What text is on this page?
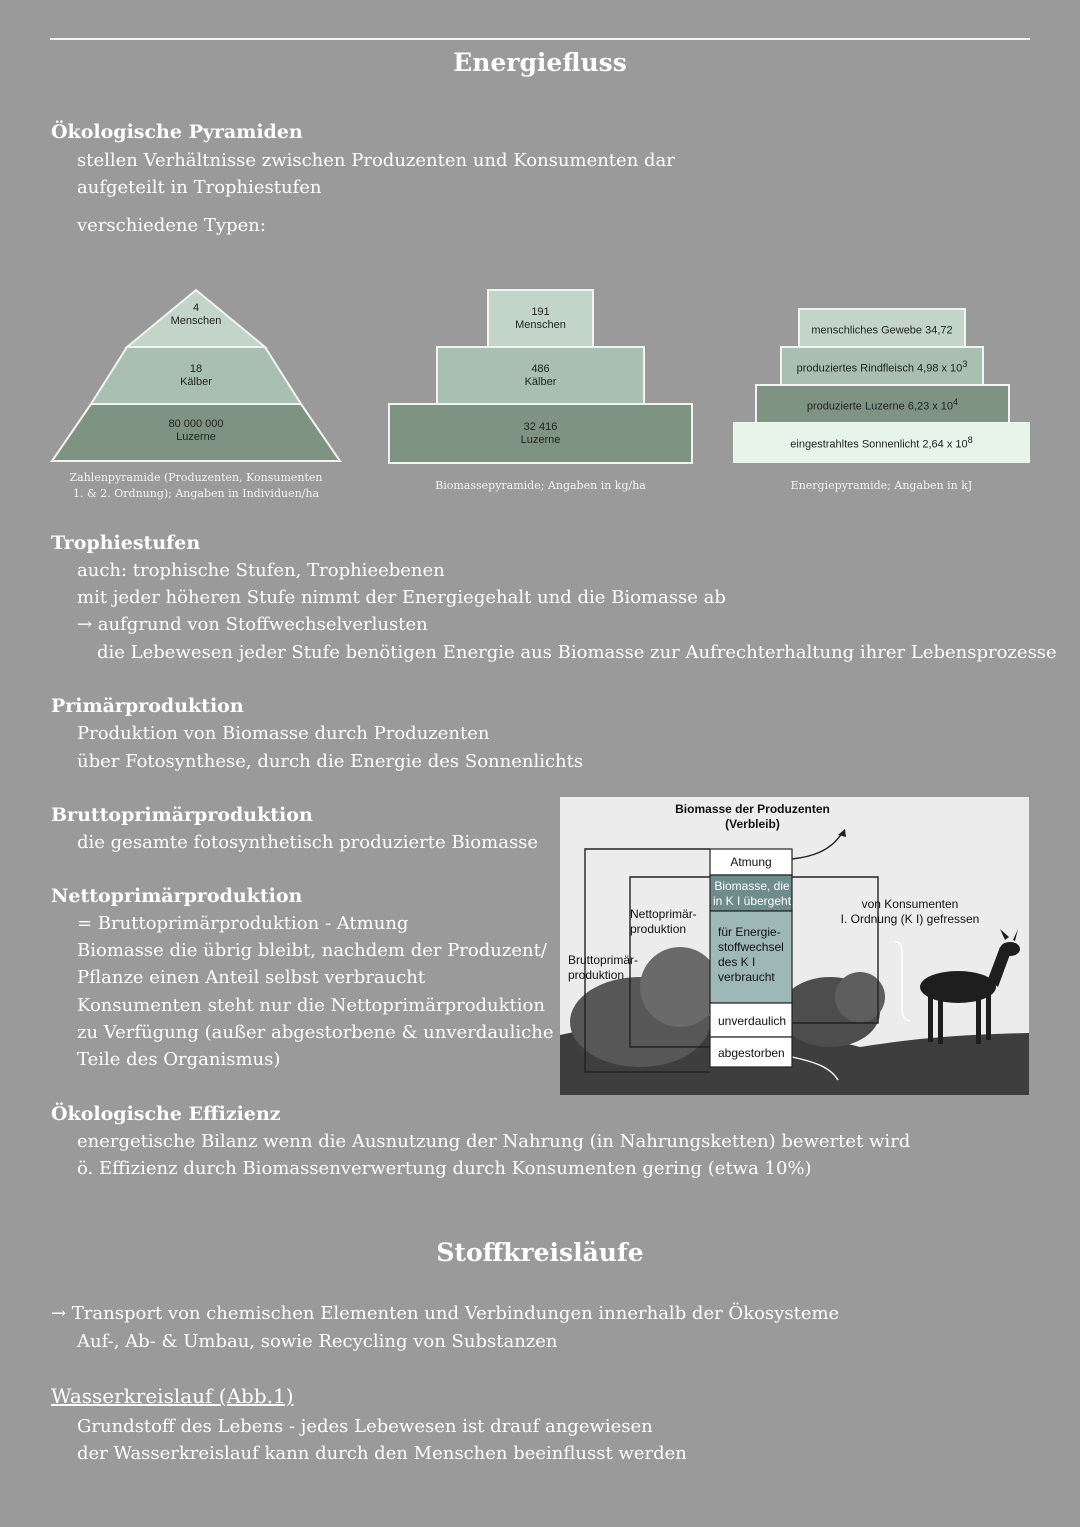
Energiefluss
Ökologische Pyramiden
stellen Verhältnisse zwischen Produzenten und Konsumenten dar
aufgeteilt in Trophiestufen
verschiedene Typen:
4
Menschen
18
Kälber
80 000 000
Luzerne
Zahlenpyramide (Produzenten, Konsumenten
1. & 2. Ordnung); Angaben in Individuen/ha
191
Menschen
486
Kälber
32 416
Luzerne
Biomassepyramide; Angaben in kg/ha
menschliches Gewebe 34,72
produziertes Rindfleisch 4,98 x $10^3$
produzierte Luzerne 6,23 x $10^4$
eingestrahltes Sonnenlicht 2,64 x $10^8$
Energiepyramide; Angaben in kJ
Trophiestufen
auch: trophische Stufen, Trophieebenen
mit jeder höheren Stufe nimmt der Energiegehalt und die Biomasse ab
→ aufgrund von Stoffwechselverlusten
die Lebewesen jeder Stufe benötigen Energie aus Biomasse zur Aufrechterhaltung ihrer Lebensprozesse
Primärproduktion
Produktion von Biomasse durch Produzenten
über Fotosynthese, durch die Energie des Sonnenlichts
Bruttoprimärproduktion
die gesamte fotosynthetisch produzierte Biomasse
Nettoprimärproduktion
= Bruttoprimärproduktion - Atmung
Biomasse die übrig bleibt, nachdem der Produzent/
Pflanze einen Anteil selbst verbraucht
Konsumenten steht nur die Nettoprimärproduktion
zu Verfügung (außer abgestorbene & unverdauliche
Teile des Organismus)
Biomasse der Produzenten
(Verbleib)
Atmung
Biomasse, die
in K I übergeht
für Energie-
stoffwechsel
des K I
verbraucht
unverdaulich
abgestorben
Nettoprimär-
produktion
Bruttoprimär-
produktion
von Konsumenten
I. Ordnung (K I) gefressen
Ökologische Effizienz
energetische Bilanz wenn die Ausnutzung der Nahrung (in Nahrungsketten) bewertet wird
ö. Effizienz durch Biomassenverwertung durch Konsumenten gering (etwa 10%)
Stoffkreisläufe
→ Transport von chemischen Elementen und Verbindungen innerhalb der Ökosysteme
Auf-, Ab- & Umbau, sowie Recycling von Substanzen
Wasserkreislauf (Abb.1)
Grundstoff des Lebens - jedes Lebewesen ist drauf angewiesen
der Wasserkreislauf kann durch den Menschen beeinflusst werden
